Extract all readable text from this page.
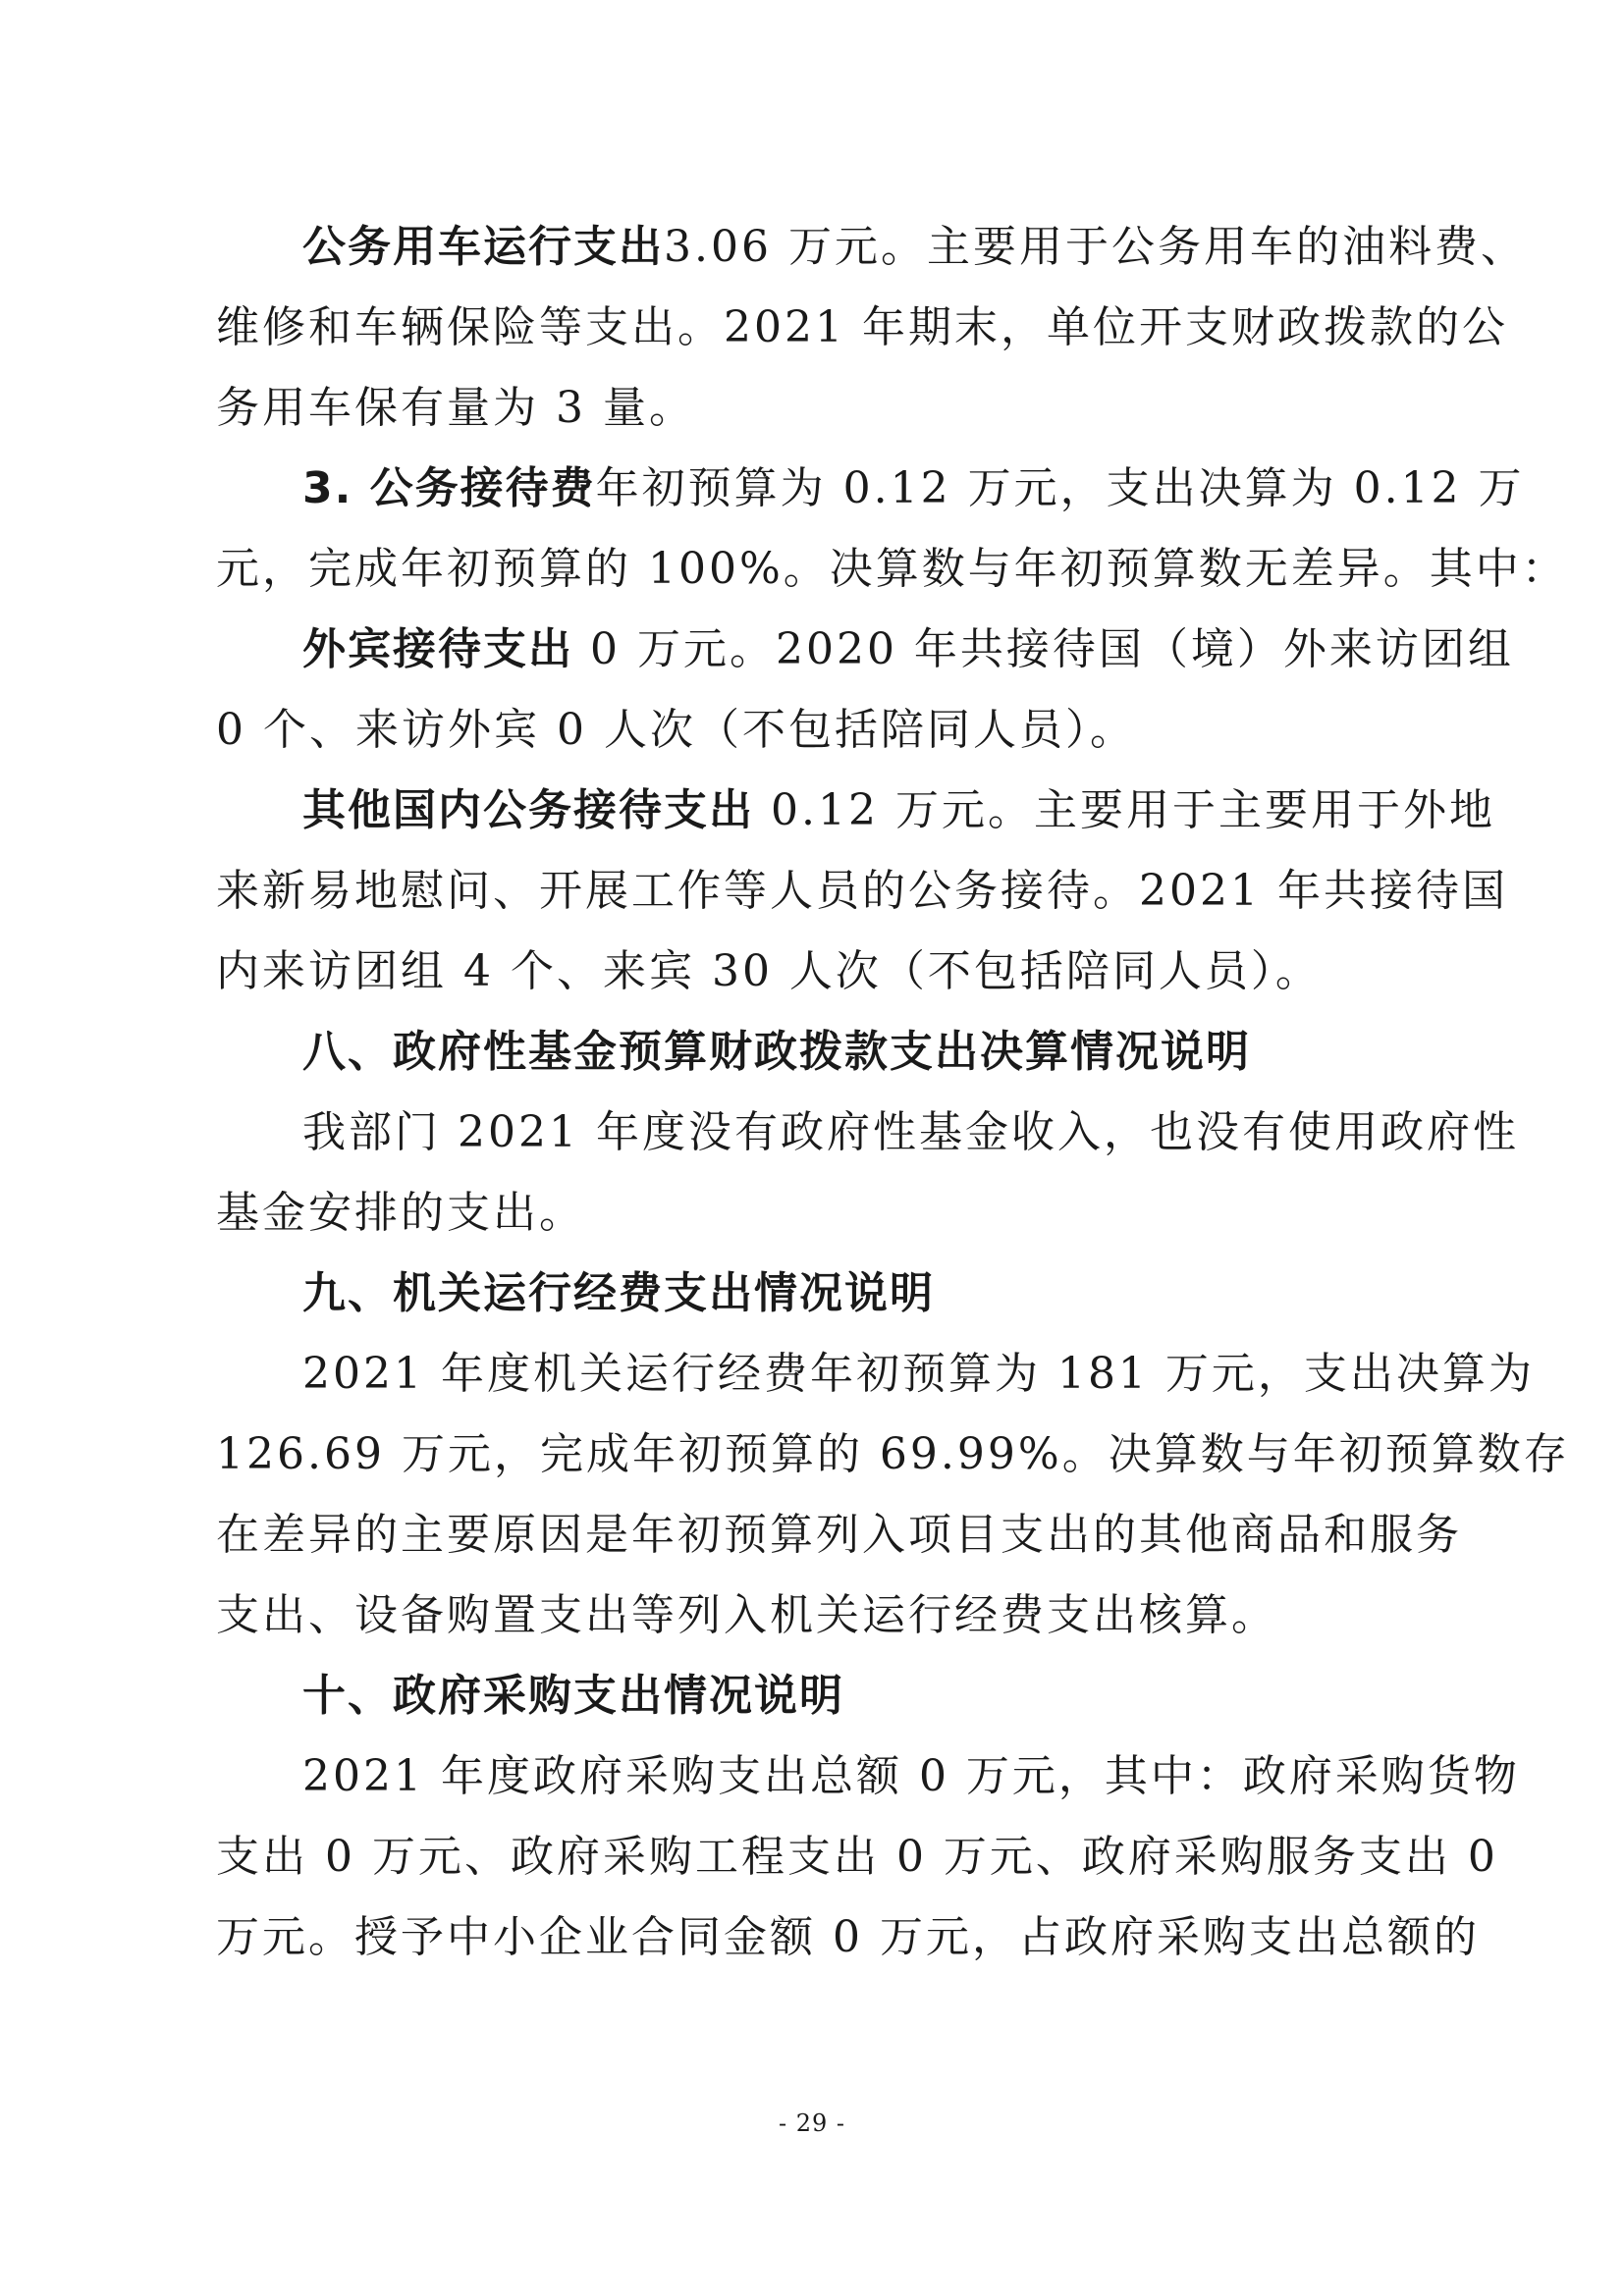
公务用车运行支出3.06 万元。主要用于公务用车的油料费、
维修和车辆保险等支出。2021 年期末，单位开支财政拨款的公
务用车保有量为 3 量。
3. 公务接待费年初预算为 0.12 万元，支出决算为 0.12 万
元，完成年初预算的 100%。决算数与年初预算数无差异。其中：
外宾接待支出 0 万元。2020 年共接待国（境）外来访团组
0 个、来访外宾 0 人次（不包括陪同人员）。
其他国内公务接待支出 0.12 万元。主要用于主要用于外地
来新易地慰问、开展工作等人员的公务接待。2021 年共接待国
内来访团组 4 个、来宾 30 人次（不包括陪同人员）。
八、政府性基金预算财政拨款支出决算情况说明
我部门 2021 年度没有政府性基金收入，也没有使用政府性
基金安排的支出。
九、机关运行经费支出情况说明
2021 年度机关运行经费年初预算为 181 万元，支出决算为
126.69 万元，完成年初预算的 69.99%。决算数与年初预算数存
在差异的主要原因是年初预算列入项目支出的其他商品和服务
支出、设备购置支出等列入机关运行经费支出核算。
十、政府采购支出情况说明
2021 年度政府采购支出总额 0 万元，其中：政府采购货物
支出 0 万元、政府采购工程支出 0 万元、政府采购服务支出 0
万元。授予中小企业合同金额 0 万元，占政府采购支出总额的
- 29 -
